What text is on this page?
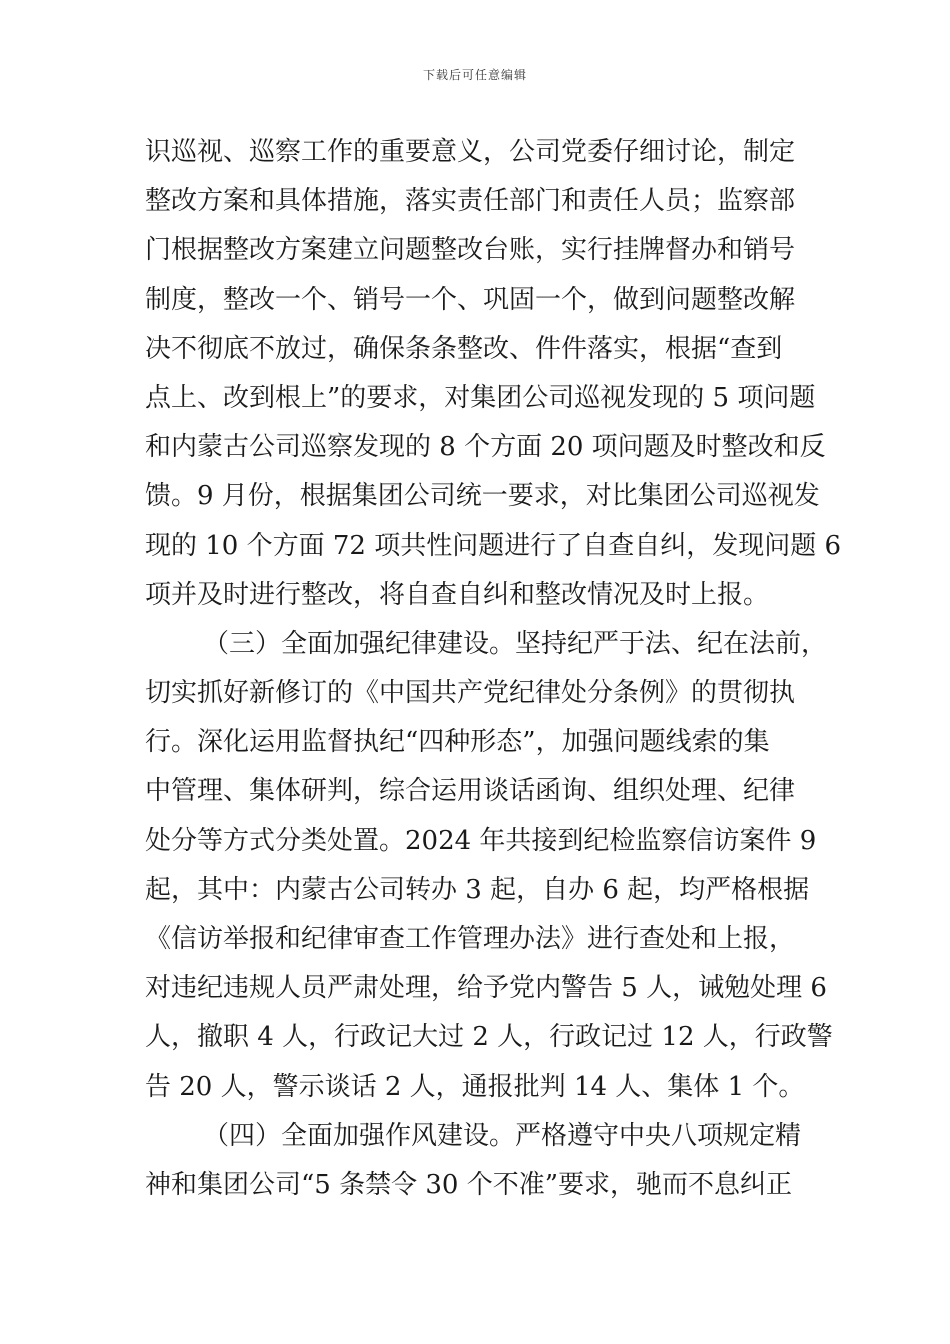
下载后可任意编辑
识巡视、巡察工作的重要意义，公司党委仔细讨论，制定
整改方案和具体措施，落实责任部门和责任人员；监察部
门根据整改方案建立问题整改台账，实行挂牌督办和销号
制度，整改一个、销号一个、巩固一个，做到问题整改解
决不彻底不放过，确保条条整改、件件落实，根据“查到
点上、改到根上”的要求，对集团公司巡视发现的 5 项问题
和内蒙古公司巡察发现的 8 个方面 20 项问题及时整改和反
馈。9 月份，根据集团公司统一要求，对比集团公司巡视发
现的 10 个方面 72 项共性问题进行了自查自纠，发现问题 6
项并及时进行整改，将自查自纠和整改情况及时上报。
（三）全面加强纪律建设。坚持纪严于法、纪在法前，
切实抓好新修订的《中国共产党纪律处分条例》的贯彻执
行。深化运用监督执纪“四种形态”，加强问题线索的集
中管理、集体研判，综合运用谈话函询、组织处理、纪律
处分等方式分类处置。2024 年共接到纪检监察信访案件 9
起，其中：内蒙古公司转办 3 起，自办 6 起，均严格根据
《信访举报和纪律审查工作管理办法》进行查处和上报，
对违纪违规人员严肃处理，给予党内警告 5 人，诫勉处理 6
人，撤职 4 人，行政记大过 2 人，行政记过 12 人，行政警
告 20 人，警示谈话 2 人，通报批判 14 人、集体 1 个。
（四）全面加强作风建设。严格遵守中央八项规定精
神和集团公司“5 条禁令 30 个不准”要求，驰而不息纠正
